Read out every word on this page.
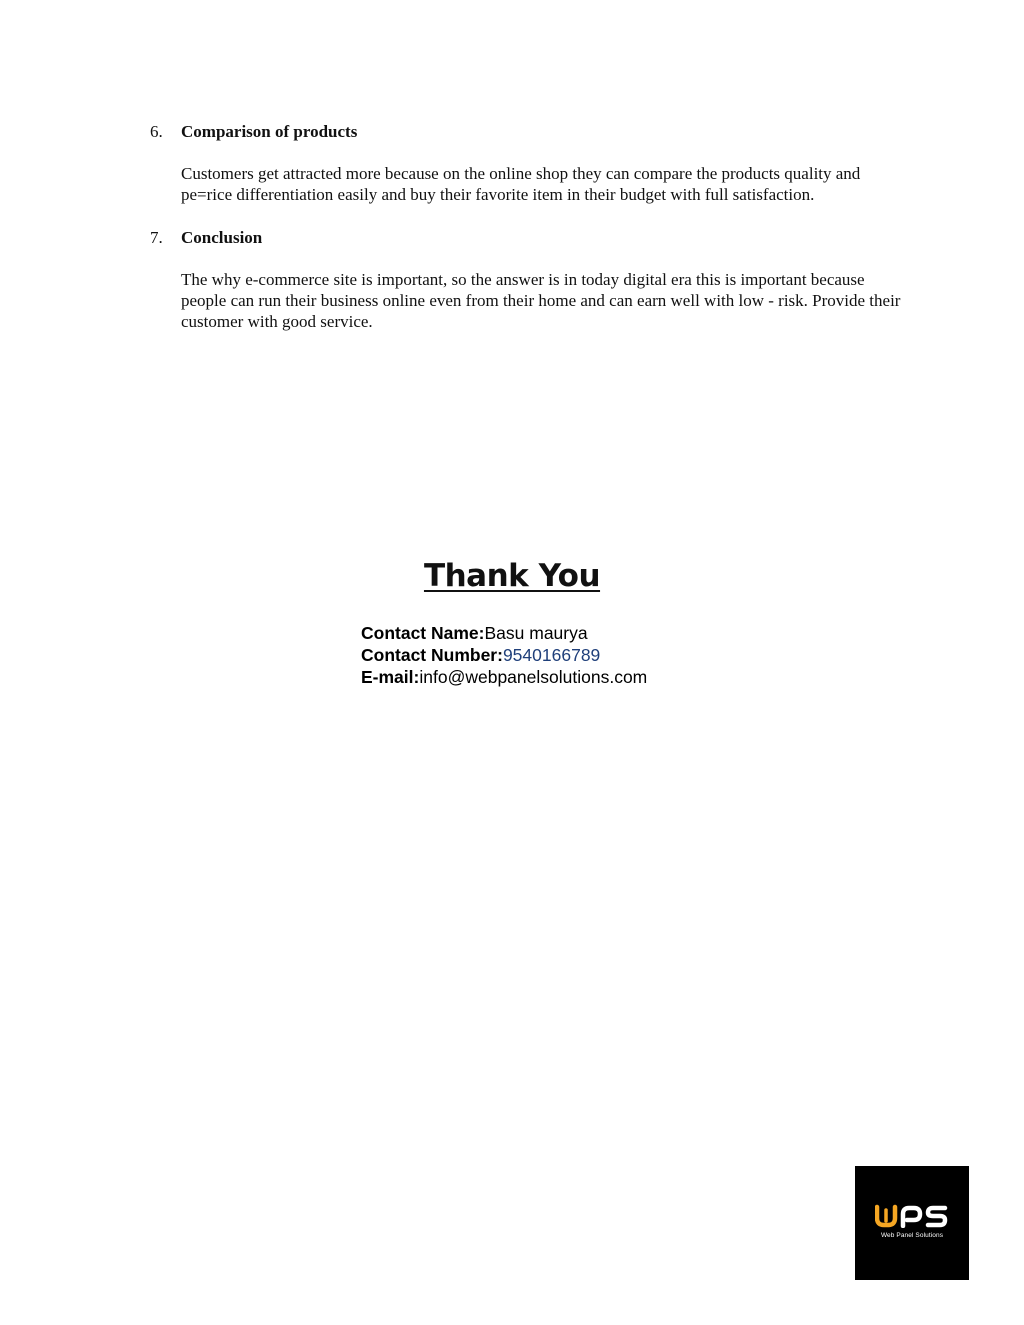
6. Comparison of products

Customers get attracted more because on the online shop they can compare the products quality and pe=rice differentiation easily and buy their favorite item in their budget with full satisfaction.

7. Conclusion

The why e-commerce site is important, so the answer is in today digital era this is important because people can run their business online even from their home and can earn well with low - risk. Provide their customer with good service.

Thank You
Contact Name:Basu maurya
Contact Number:9540166789
E-mail:info@webpanelsolutions.com
Web Panel Solutions
